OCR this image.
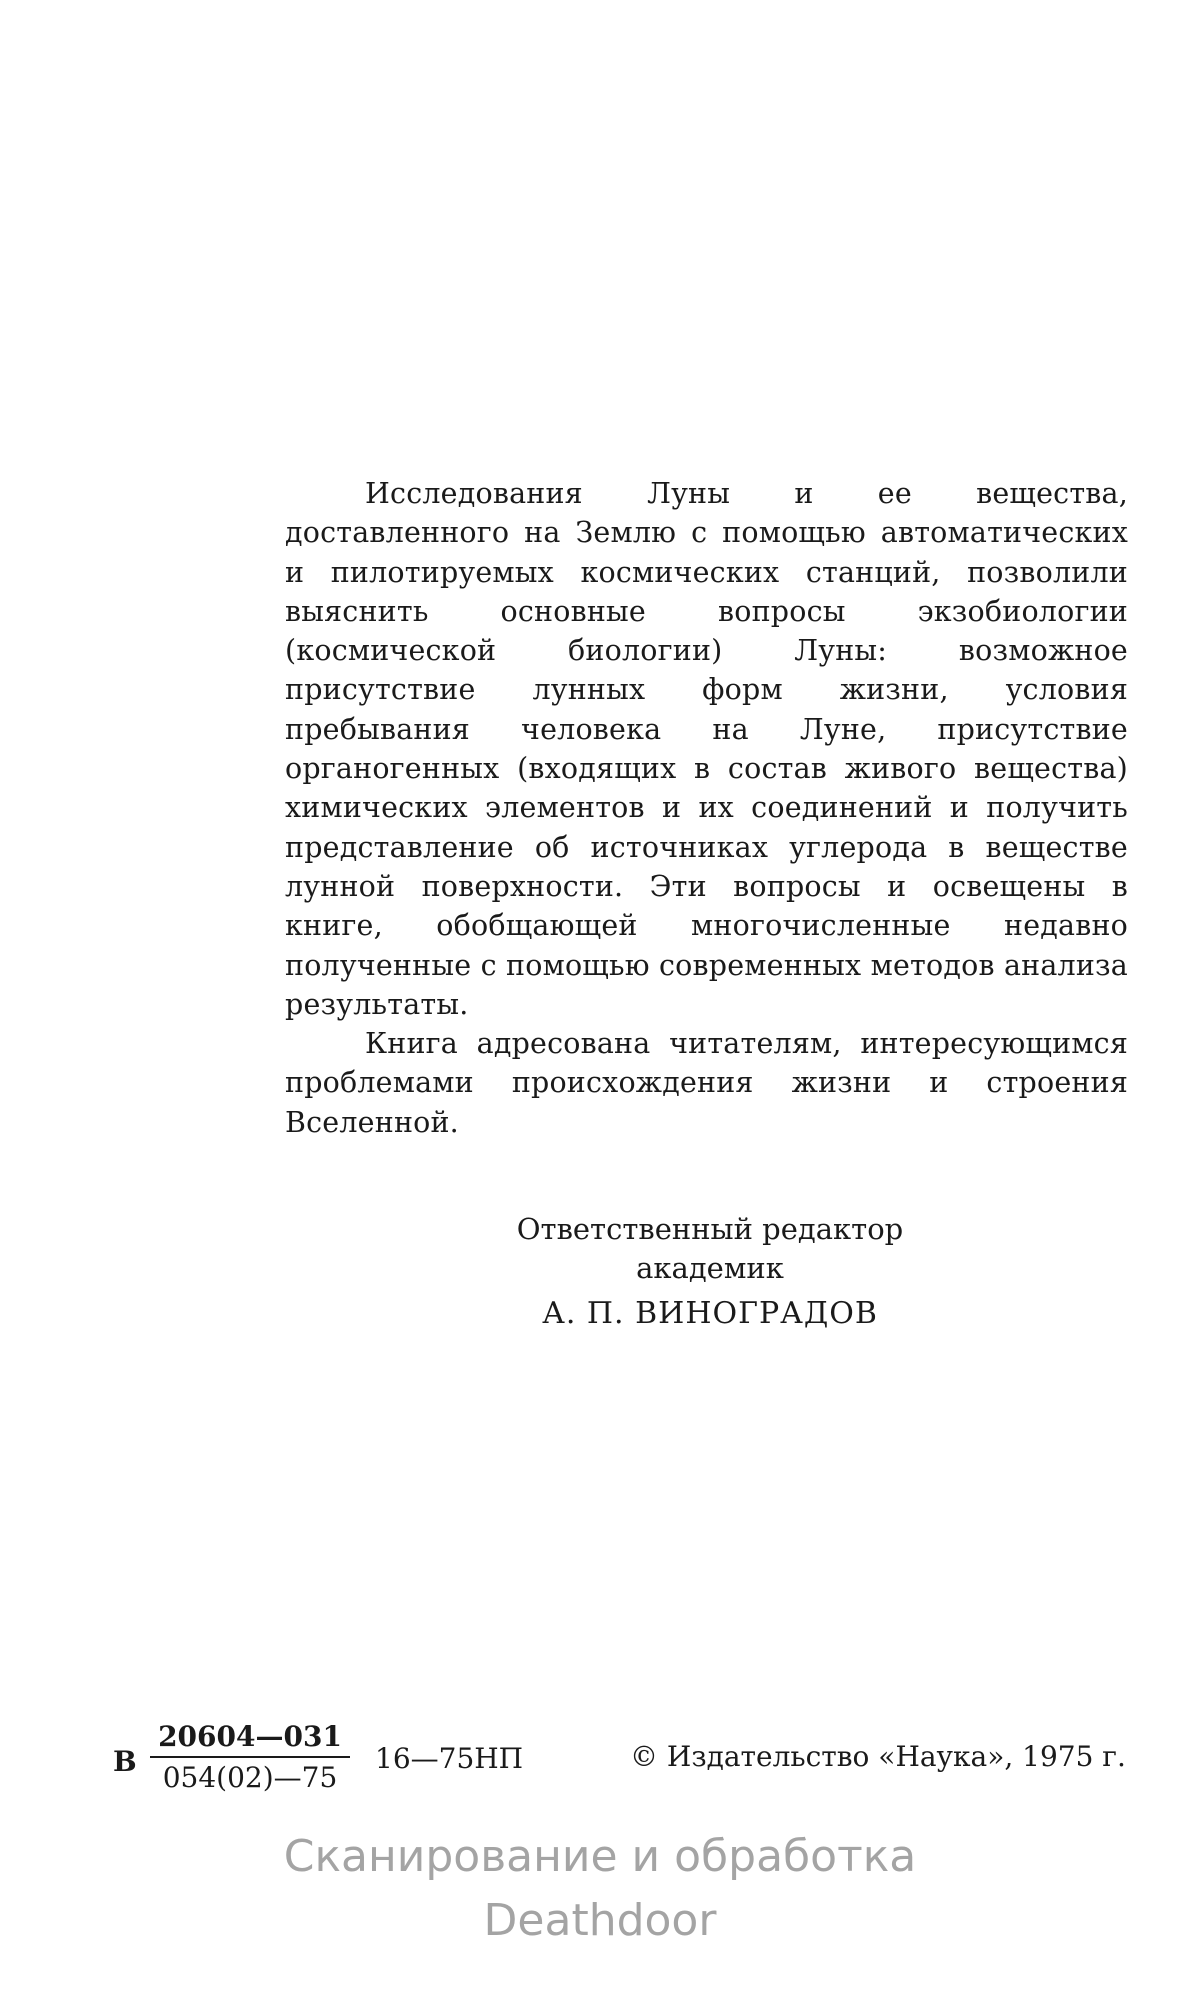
Исследования Луны и ее вещества, доставленного на Землю с помощью автоматических и пилотируемых космических станций, позволили выяснить основные вопросы экзобиологии (космической биологии) Луны: возможное присутствие лунных форм жизни, условия пребывания человека на Луне, присутствие органогенных (входящих в состав живого вещества) химических элементов и их соединений и получить представление об источниках углерода в веществе лунной поверхности. Эти вопросы и освещены в книге, обобщающей многочисленные недавно полученные с помощью современных методов анализа результаты.

Книга адресована читателям, интересующимся проблемами происхождения жизни и строения Вселенной.

Ответственный редактор
академик
А. П. ВИНОГРАДОВ
В
20604—031
054(02)—75
16—75НП	© Издательство «Наука», 1975 г.
Сканирование и обработка
Deathdoor
